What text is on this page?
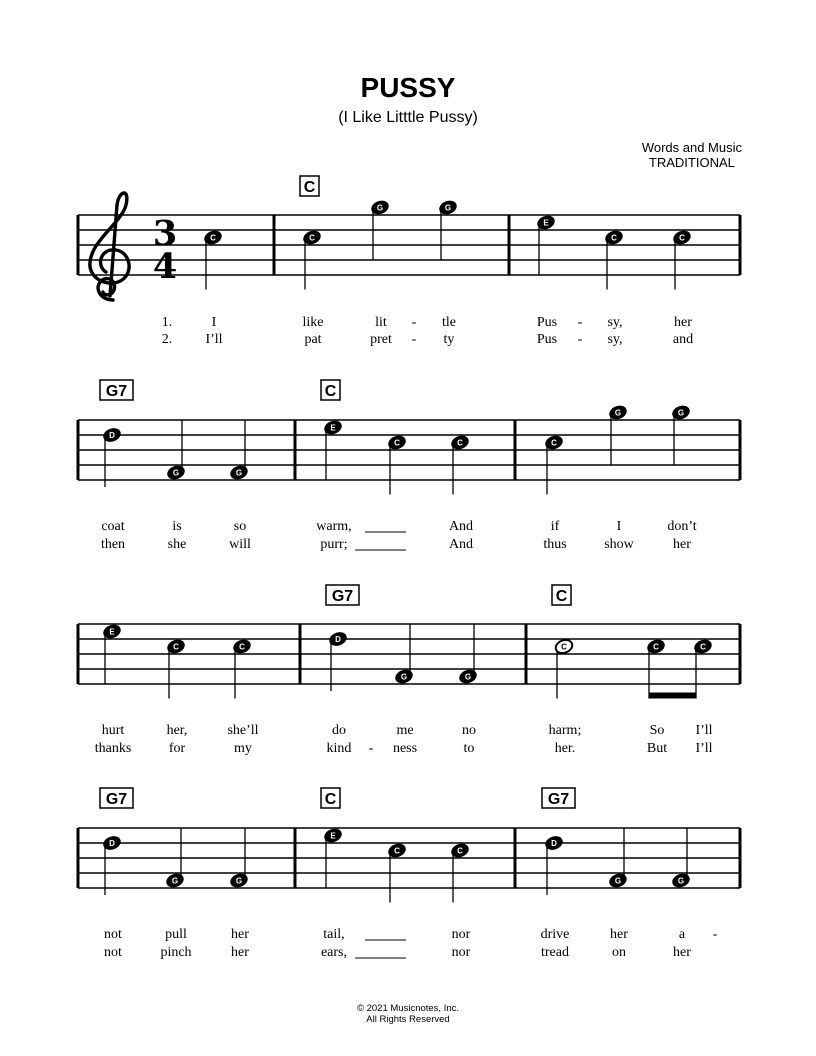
PUSSY
(I Like Litttle Pussy)
Words and Music
TRADITIONAL
© 2021 Musicnotes, Inc.
All Rights Reserved
3
4
1.
2.
C
I
I’ll
C
C
like
pat
G
lit
pret
-
-
G
tle
ty
E
Pus
Pus
-
-
C
sy,
sy,
C
her
and
G7
D
coat
then
G
is
she
G
so
will
C
E
warm,
purr;
C	C
And
And
C
if
thus
G
I
show
G
don’t
her
E
hurt
thanks
C
her,
for
C
she’ll
my
G7
D
do
kind -
G
me
ness
G
no
to
C
C
harm;
her.
C
So
But
C
I’ll
I’ll
G7
D
not
not
G
pull
pinch
G
her
her
C
E
tail,
ears,
C	C
nor
nor
G7
D
drive
tread
G
her
on
G
a
her
-
